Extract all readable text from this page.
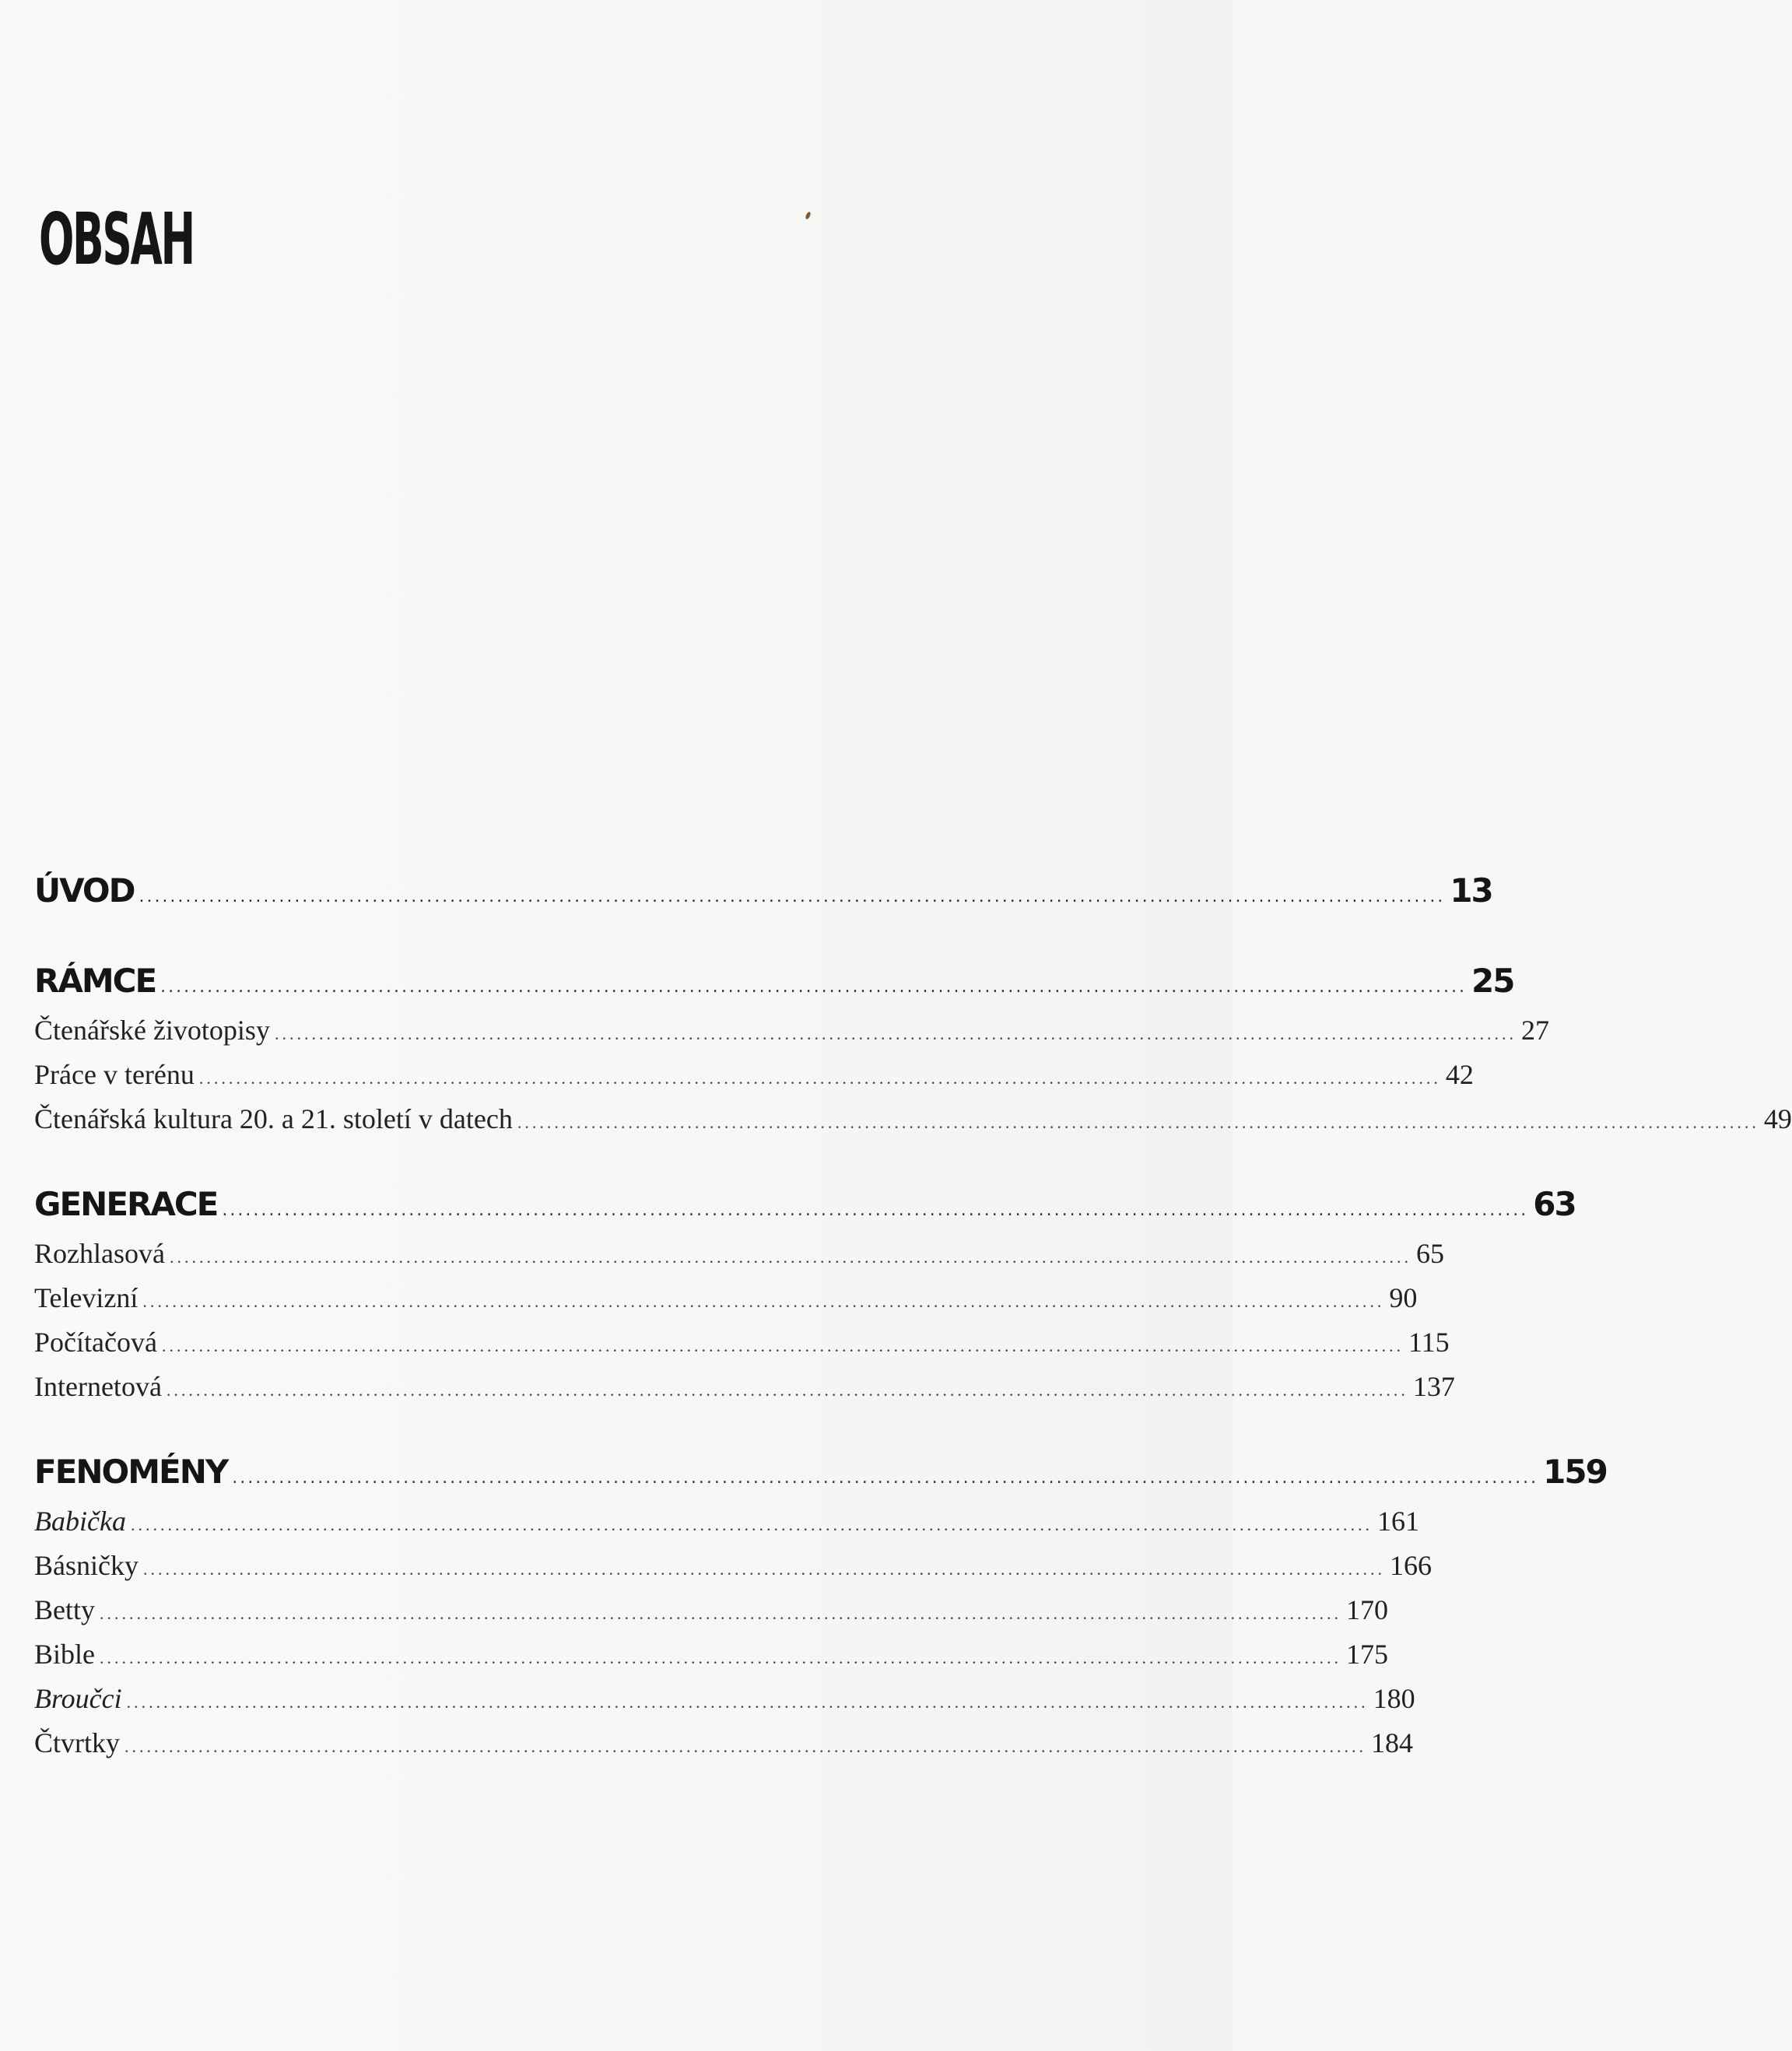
OBSAH
ÚVOD ........................................................................................................................................................................ 13
RÁMCE ........................................................................................................................................................................ 25
Čtenářské životopisy ........................................................................................................................................................................ 27
Práce v terénu ........................................................................................................................................................................ 42
Čtenářská kultura 20. a 21. století v datech ........................................................................................................................................................................ 49
GENERACE ........................................................................................................................................................................ 63
Rozhlasová ........................................................................................................................................................................ 65
Televizní ........................................................................................................................................................................ 90
Počítačová ........................................................................................................................................................................ 115
Internetová ........................................................................................................................................................................ 137
FENOMÉNY ........................................................................................................................................................................ 159
Babička ........................................................................................................................................................................ 161
Básničky ........................................................................................................................................................................ 166
Betty ........................................................................................................................................................................ 170
Bible ........................................................................................................................................................................ 175
Broučci ........................................................................................................................................................................ 180
Čtvrtky ........................................................................................................................................................................ 184
